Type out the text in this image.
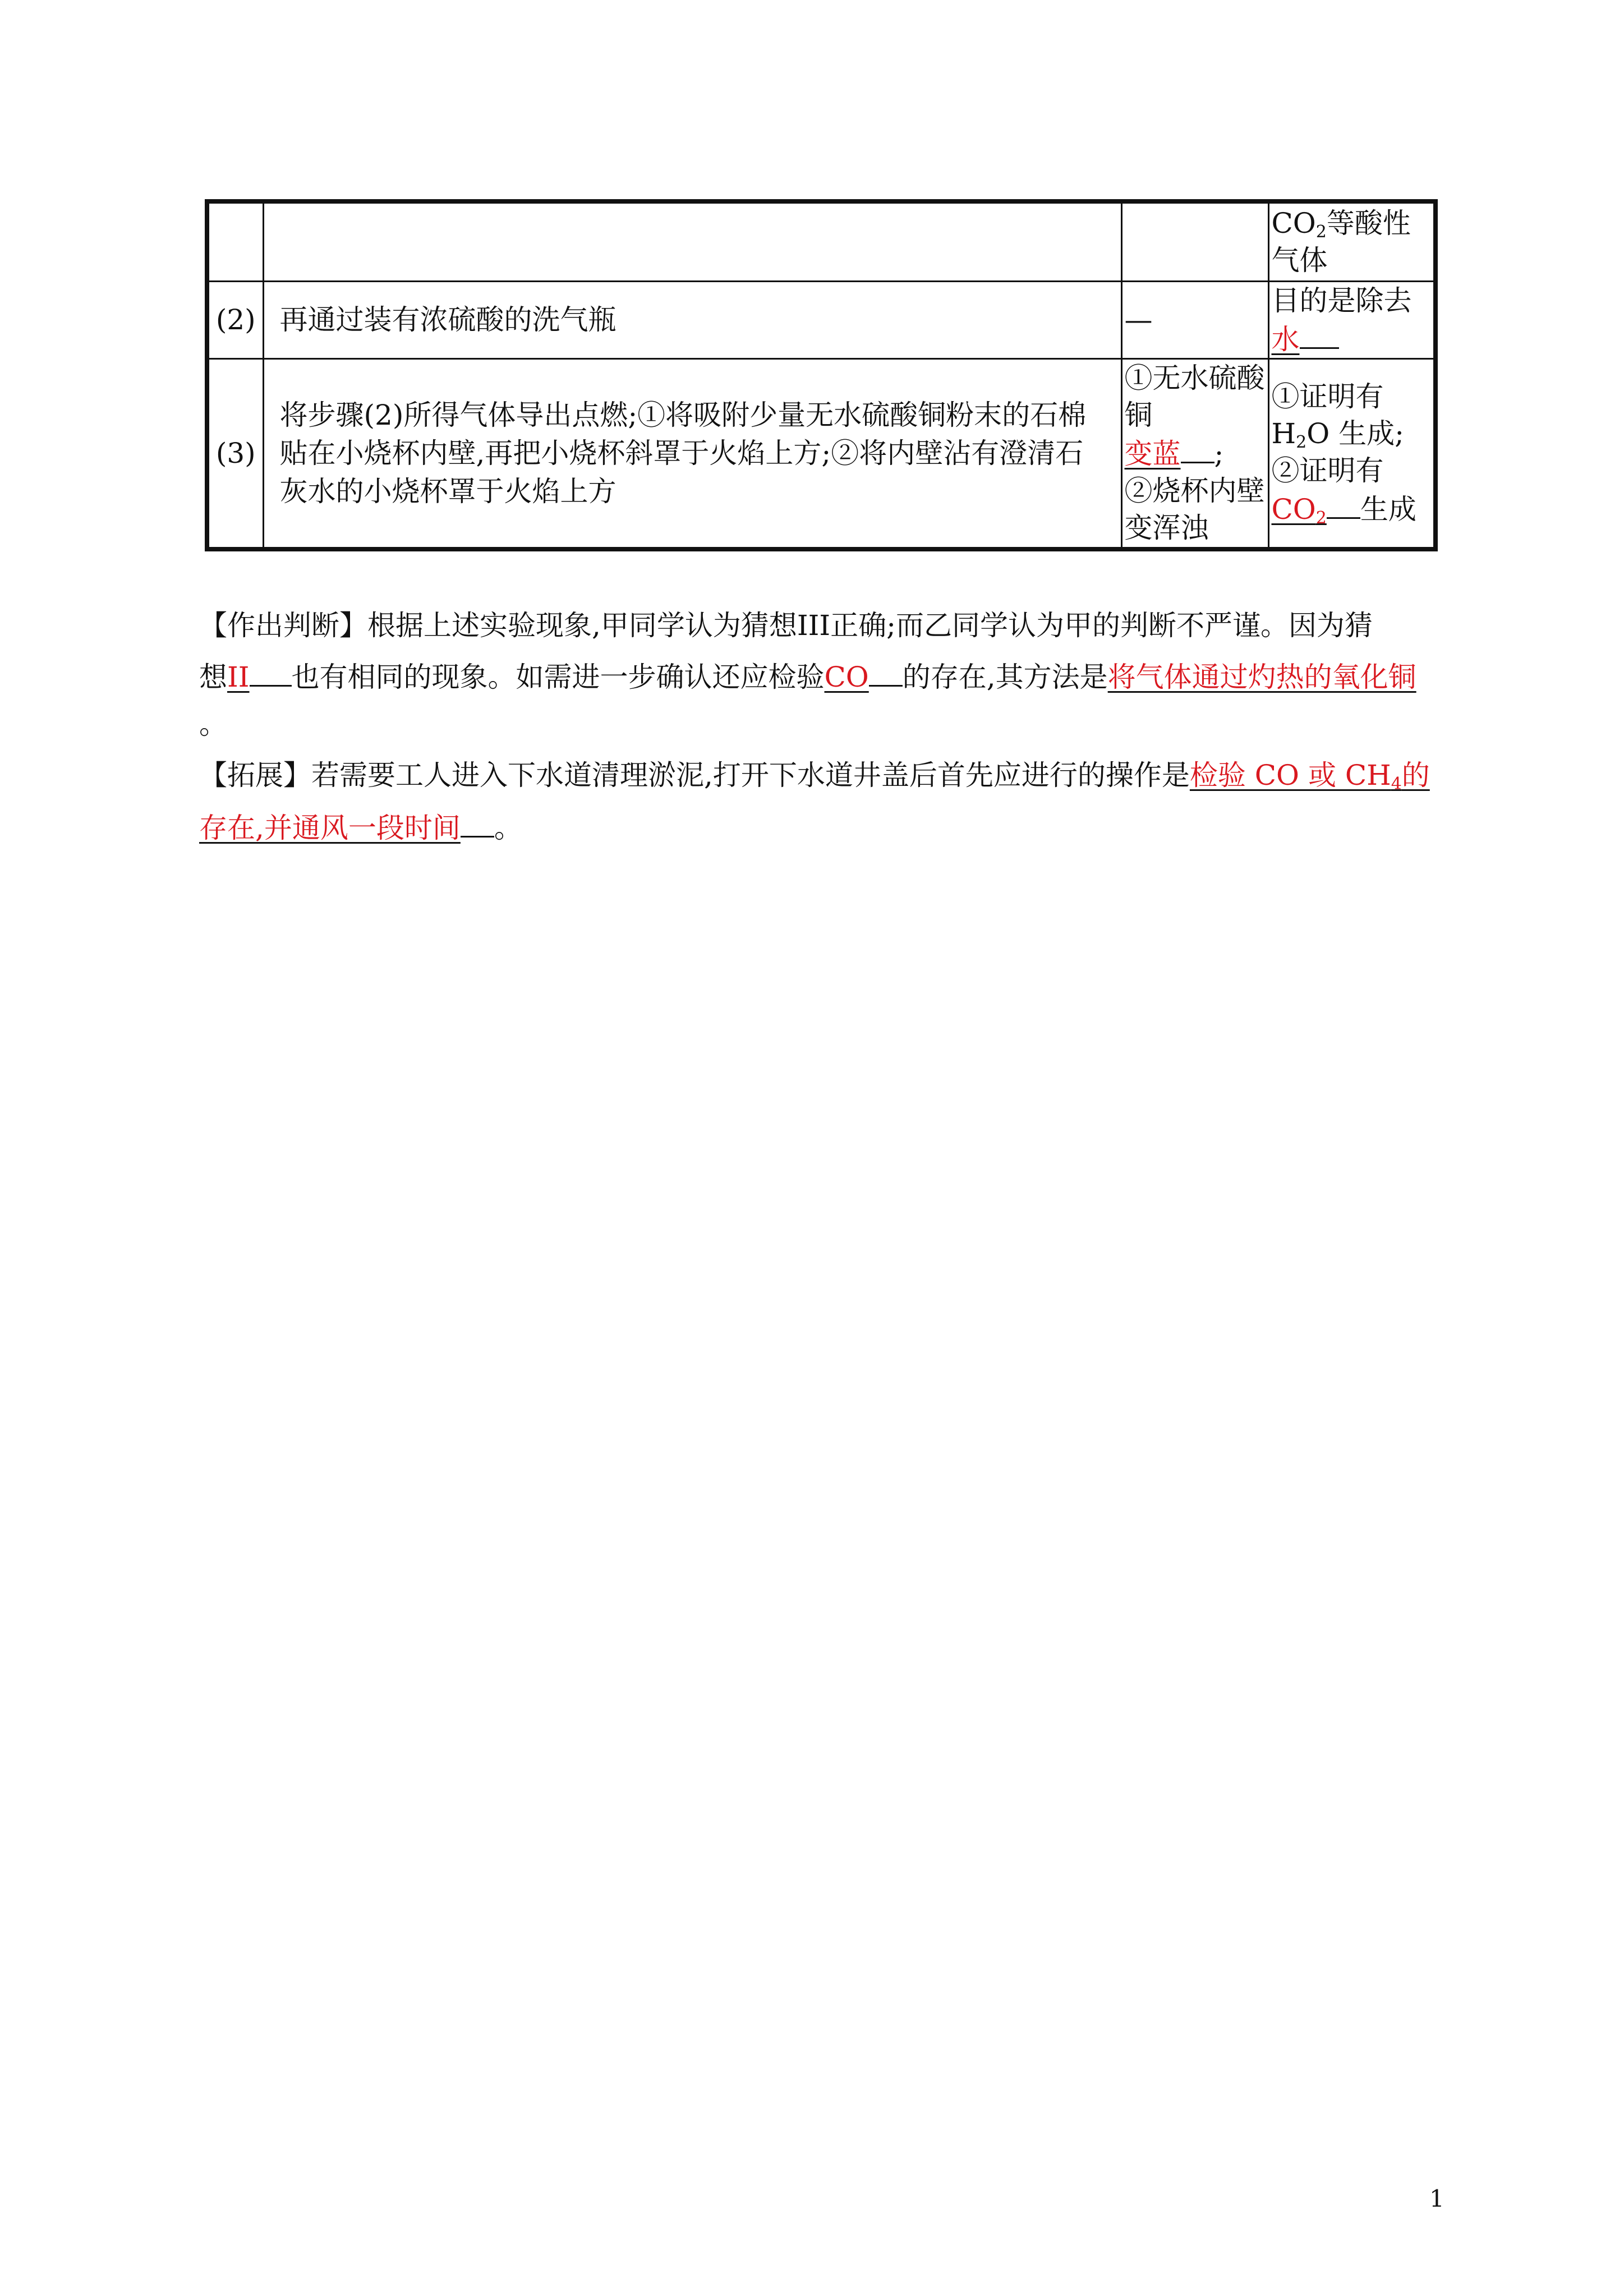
			$CO_2$等酸性气体
(2)	再通过装有浓硫酸的洗气瓶	—	目的是除去
水
(3)	将步骤(2)所得气体导出点燃;①将吸附少量无水硫酸铜粉末的石棉贴在小烧杯内壁,再把小烧杯斜罩于火焰上方;②将内壁沾有澄清石灰水的小烧杯罩于火焰上方	①无水硫酸铜
变蓝 ;
②烧杯内壁变浑浊	①证明有
$H_2O$ 生成;
②证明有
$CO_2$ 生成
【作出判断】根据上述实验现象,甲同学认为猜想III正确;而乙同学认为甲的判断不严谨。因为猜
想II 也有相同的现象。如需进一步确认还应检验CO 的存在,其方法是将气体通过灼热的氧化铜
。
【拓展】若需要工人进入下水道清理淤泥,打开下水道井盖后首先应进行的操作是检验 CO 或 $CH_4$的
存在,并通风一段时间 。
1
